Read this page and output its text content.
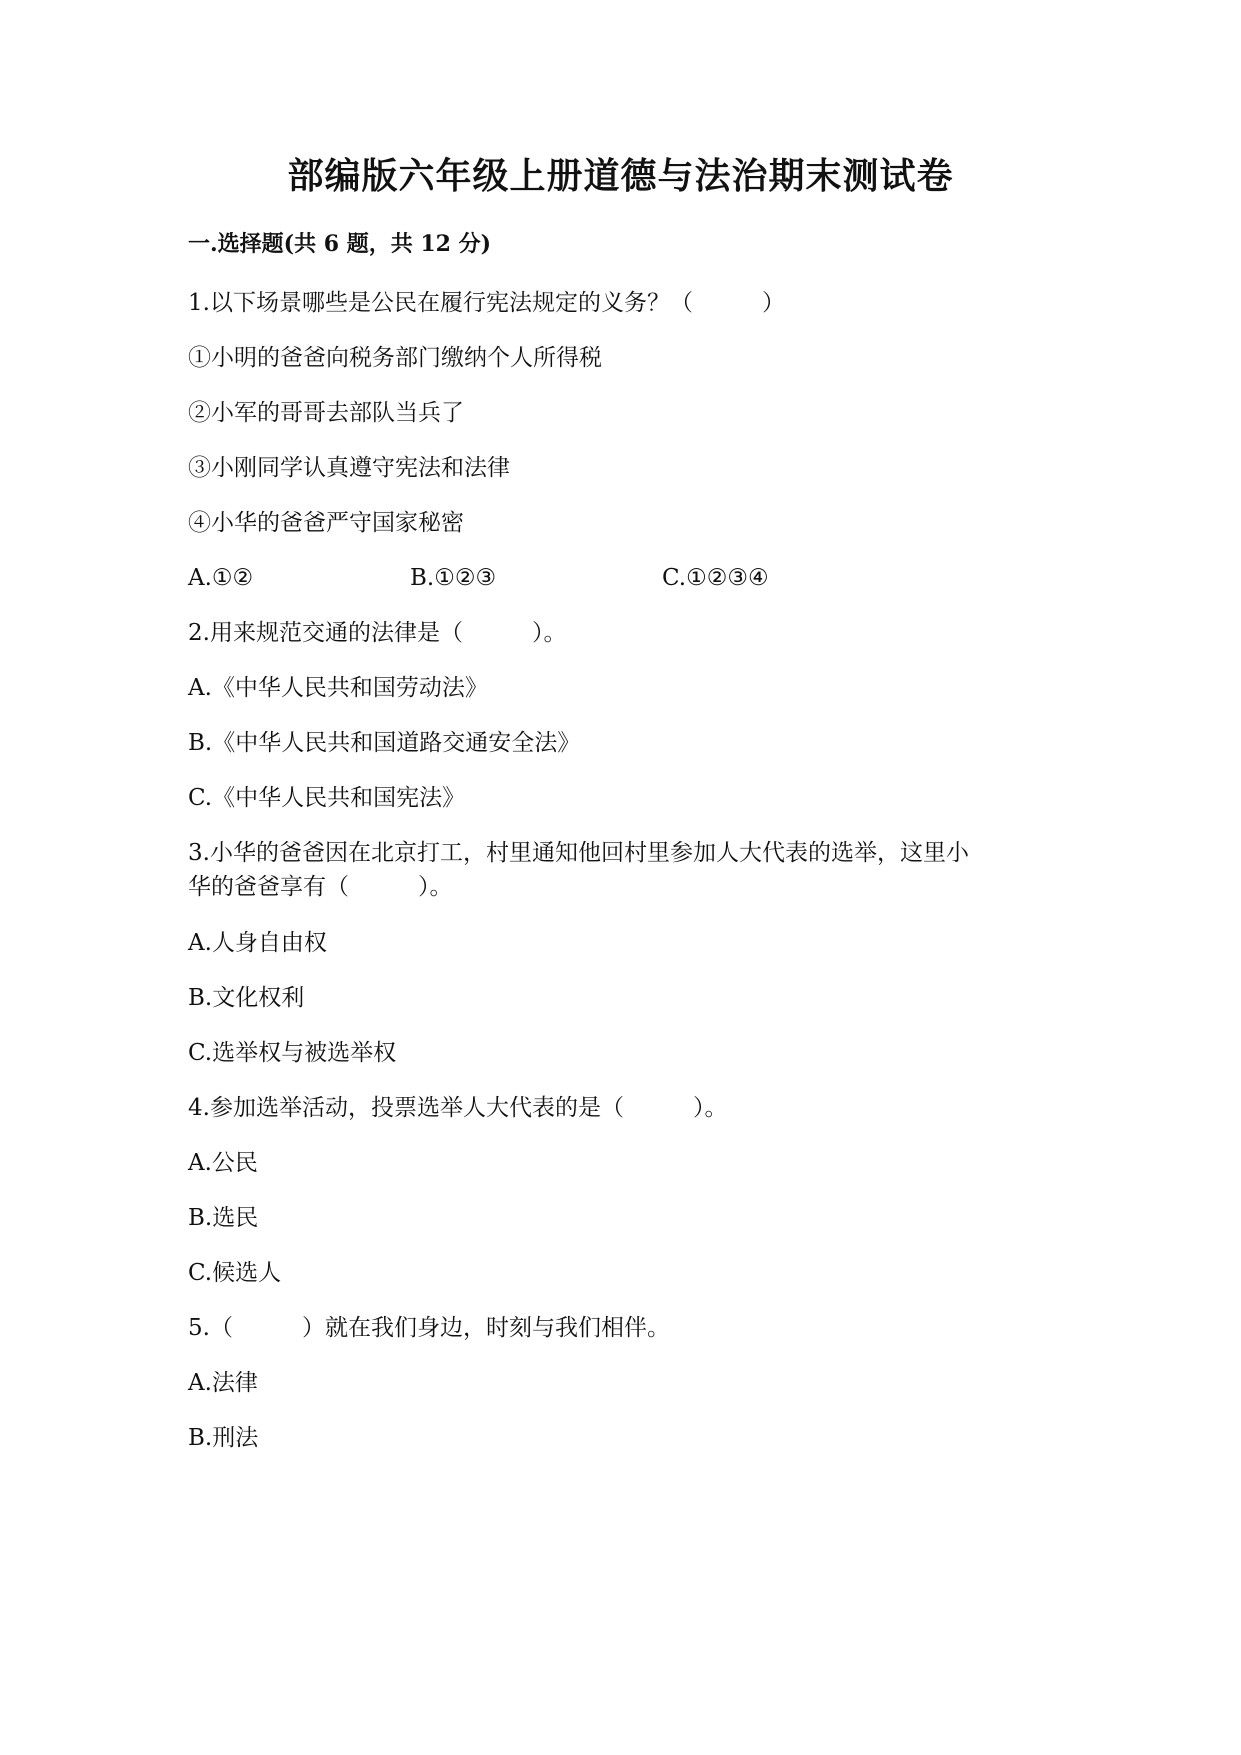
部编版六年级上册道德与法治期末测试卷
一.选择题(共 6 题，共 12 分)
1.以下场景哪些是公民在履行宪法规定的义务？（　　　）
①小明的爸爸向税务部门缴纳个人所得税
②小军的哥哥去部队当兵了
③小刚同学认真遵守宪法和法律
④小华的爸爸严守国家秘密
A.①②	B.①②③	C.①②③④
2.用来规范交通的法律是（　　　）。
A.《中华人民共和国劳动法》
B.《中华人民共和国道路交通安全法》
C.《中华人民共和国宪法》
3.小华的爸爸因在北京打工，村里通知他回村里参加人大代表的选举，这里小
华的爸爸享有（　　　）。
A.人身自由权
B.文化权利
C.选举权与被选举权
4.参加选举活动，投票选举人大代表的是（　　　）。
A.公民
B.选民
C.候选人
5.（　　　）就在我们身边，时刻与我们相伴。
A.法律
B.刑法
